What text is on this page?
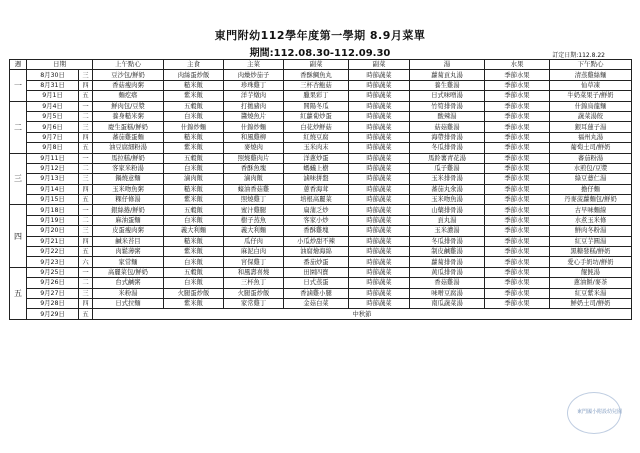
東門附幼112學年度第一學期 8.9月菜單
期間:112.08.30-112.09.30	訂定日期:112.8.22
週	日期		上午點心	主食	主菜	副菜	副菜	湯	水果	下午點心
一	8月30日	三	豆沙包/鮮奶	肉絲蛋炒飯	肉燥炒茄子	香酥鯛魚丸	時節蔬菜	蘿蔔貢丸湯	季節水果	清蒸雞絲麵
	8月31日	四	香菇瘦肉粥	糙米飯	珍珠雞丁	三杯杏鮑菇	時節蔬菜	養生雞湯	季節水果	仙草凍
	9月1日	五	麵疙瘩	紫米飯	洋芋燉肉	臘果彩丁	時節蔬菜	日式味噌湯	季節水果	牛奶菜果子/鮮奶
二	9月4日	一	鮮肉包/豆漿	五穀飯	打拋豬肉	開陽冬瓜	時節蔬菜	竹筍排骨湯	季節水果	什錦烏龍麵
	9月5日	二	養身糙米粥	白米飯	醬燒魚片	紅蘿蔔炒蛋	時節蔬菜	酸辣湯	季節水果	蔬菜湯餃
	9月6日	三	慶生蛋糕/鮮奶	什錦炒麵	什錦炒麵	白花炒鮮菇	時節蔬菜	菇菇雞湯	季節水果	銀耳蓮子湯
	9月7日	四	蕃茄雞蛋麵	糙米飯	和風雞柳	紅燒豆腐	時節蔬菜	海帶排骨湯	季節水果	福州丸湯
	9月8日	五	油豆腐細粉湯	紫米飯	麥燒肉	玉米肉末	時節蔬菜	冬瓜排骨湯	季節水果	葡萄土司/鮮奶
三	9月11日	一	馬拉糕/鮮奶	五穀飯	照燒雞肉片	洋蔥炒蛋	時節蔬菜	馬鈴薯青花湯	季節水果	蕃茄粉湯
	9月12日	二	客家米粉湯	白米飯	香酥魚塊	螞蟻上樹	時節蔬菜	瓜子雞湯	季節水果	水煎包/豆漿
	9月13日	三	鍋燒意麵	滷肉飯	滷肉飯	滷味拼盤	時節蔬菜	玉米排骨湯	季節水果	綠豆薏仁湯
	9月14日	四	玉米吻魚粥	糙米飯	蠔油香菇雞	蔥香海茸	時節蔬菜	蕃茄丸氽湯	季節水果	擔仔麵
	9月15日	五	粿仔條湯	紫米飯	照燒雞丁	培根高麗菜	時節蔬菜	玉米吻魚湯	季節水果	丹麥菠蘿麵包/鮮奶
四	9月18日	一	銀絲捲/鮮奶	五穀飯	蜜汁雞腿	扁蒲乏炒	時節蔬菜	山藥排骨湯	季節水果	古早味麵線
	9月19日	二	麻油蛋麵	白米飯	樹子蒸魚	客家小炒	時節蔬菜	貢丸湯	季節水果	水煮玉米條
	9月20日	三	皮蛋瘦肉粥	義大利麵	義大利麵	香酥雞塊	時節蔬菜	玉米濃湯	季節水果	鮮肉冬粉湯
	9月21日	四	鹹米苔目	糙米飯	瓜仔肉	小瓜炒甜不辣	時節蔬菜	冬瓜排骨湯	季節水果	紅豆芋圓湯
	9月22日	五	肉鬆薄粥	紫米飯	麻泥白肉	油腐燴海綿	時節蔬菜	制皮鹹雞湯	季節水果	黑糖發糕/鮮奶
	9月23日	六	家常麵	白米飯	宮保雞丁	番茄炒蛋	時節蔬菜	蘿蔔排骨湯	季節水果	愛心手奶坊/鮮奶
五	9月25日	一	高麗菜包/鮮奶	五穀飯	和風壽喜燒	田園四寶	時節蔬菜	黃瓜排骨湯	季節水果	餛飩湯
	9月26日	二	台式鹹粥	白米飯	三杯魚丁	日式蒸蛋	時節蔬菜	香菇雞湯	季節水果	蔥油餅/麥茶
	9月27日	三	米粉湯	火腿蛋炒飯	火腿蛋炒飯	香滷雞小腿	時節蔬菜	味噌豆腐湯	季節水果	紅豆紫米湯
	9月28日	四	日式拉麵	紫米飯	家常雞丁	金菇白菜	時節蔬菜	南瓜蔬菜湯	季節水果	鮮奶土司/鮮奶
	9月29日	五	中秋節							
東門國小附設幼兒園
